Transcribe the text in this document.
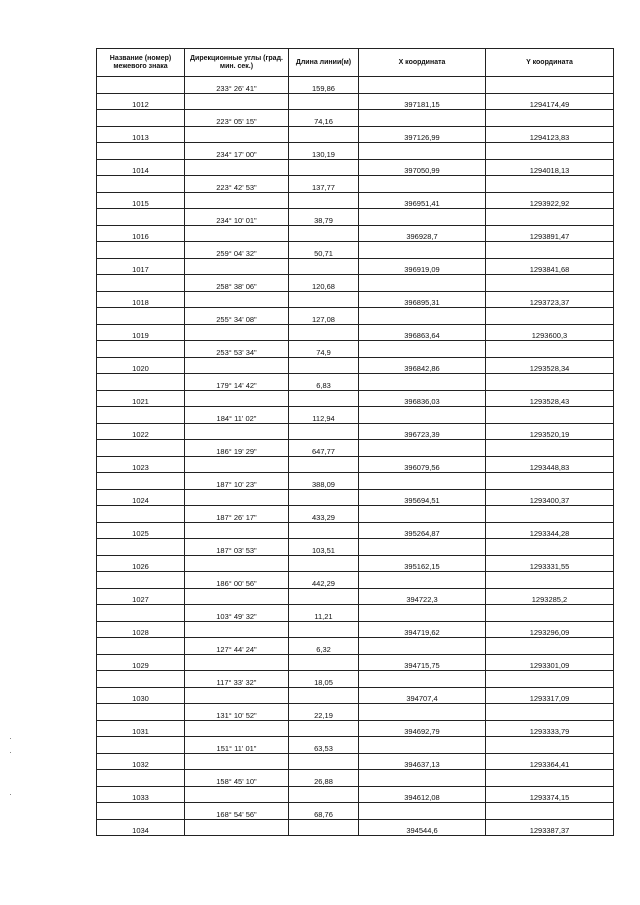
Название (номер) межевого знака	Дирекционные углы (град. мин. сек.)	Длина линии(м)	X координата	Y координата
	233° 26' 41"	159,86		
1012			397181,15	1294174,49
	223° 05' 15"	74,16		
1013			397126,99	1294123,83
	234° 17' 00"	130,19		
1014			397050,99	1294018,13
	223° 42' 53"	137,77		
1015			396951,41	1293922,92
	234° 10' 01"	38,79		
1016			396928,7	1293891,47
	259° 04' 32"	50,71		
1017			396919,09	1293841,68
	258° 38' 06"	120,68		
1018			396895,31	1293723,37
	255° 34' 08"	127,08		
1019			396863,64	1293600,3
	253° 53' 34"	74,9		
1020			396842,86	1293528,34
	179° 14' 42"	6,83		
1021			396836,03	1293528,43
	184° 11' 02"	112,94		
1022			396723,39	1293520,19
	186° 19' 29"	647,77		
1023			396079,56	1293448,83
	187° 10' 23"	388,09		
1024			395694,51	1293400,37
	187° 26' 17"	433,29		
1025			395264,87	1293344,28
	187° 03' 53"	103,51		
1026			395162,15	1293331,55
	186° 00' 56"	442,29		
1027			394722,3	1293285,2
	103° 49' 32"	11,21		
1028			394719,62	1293296,09
	127° 44' 24"	6,32		
1029			394715,75	1293301,09
	117° 33' 32"	18,05		
1030			394707,4	1293317,09
	131° 10' 52"	22,19		
1031			394692,79	1293333,79
	151° 11' 01"	63,53		
1032			394637,13	1293364,41
	158° 45' 10"	26,88		
1033			394612,08	1293374,15
	168° 54' 56"	68,76		
1034			394544,6	1293387,37
